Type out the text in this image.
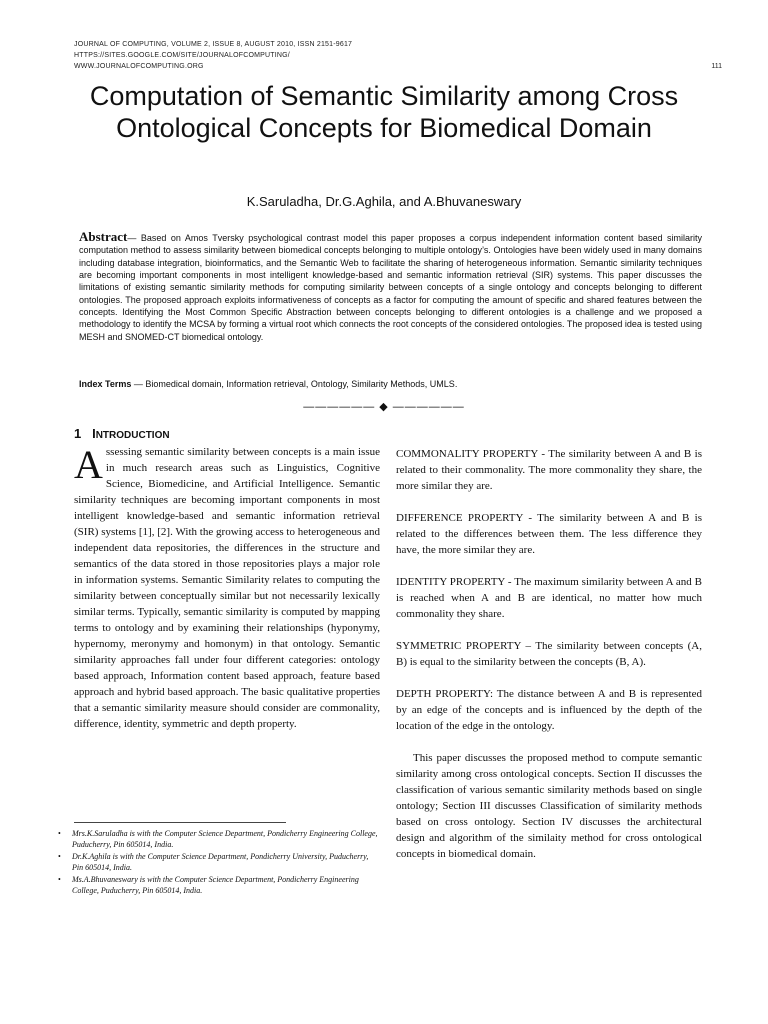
JOURNAL OF COMPUTING, VOLUME 2, ISSUE 8, AUGUST 2010, ISSN 2151-9617
HTTPS://SITES.GOOGLE.COM/SITE/JOURNALOFCOMPUTING/
WWW.JOURNALOFCOMPUTING.ORG	111
Computation of Semantic Similarity among Cross Ontological Concepts for Biomedical Domain
K.Saruladha, Dr.G.Aghila, and A.Bhuvaneswary
Abstract— Based on Amos Tversky psychological contrast model this paper proposes a corpus independent information content based similarity computation method to assess similarity between biomedical concepts belonging to multiple ontology’s. Ontologies have been widely used in many domains including database integration, bioinformatics, and the Semantic Web to facilitate the sharing of heterogeneous information. Semantic similarity techniques are becoming important components in most intelligent knowledge-based and semantic information retrieval (SIR) systems. This paper discusses the limitations of existing semantic similarity methods for computing similarity between concepts of a single ontology and concepts belonging to different ontologies. The proposed approach exploits informativeness of concepts as a factor for computing the amount of specific and shared features between the concepts. Identifying the Most Common Specific Abstraction between concepts belonging to different ontologies is a challenge and we proposed a methodology to identify the MCSA by forming a virtual root which connects the root concepts of the considered ontologies. The proposed idea is tested using MESH and SNOMED-CT biomedical ontology.
Index Terms — Biomedical domain, Information retrieval, Ontology, Similarity Methods, UMLS.
—————— ◆ ——————
1 INTRODUCTION

Assessing semantic similarity between concepts is a main issue in much research areas such as Linguistics, Cognitive Science, Biomedicine, and Artificial Intelligence. Semantic similarity techniques are becoming important components in most intelligent knowledge-based and semantic information retrieval (SIR) systems [1], [2]. With the growing access to heterogeneous and independent data repositories, the differences in the structure and semantics of the data stored in those repositories plays a major role in information systems. Semantic Similarity relates to computing the similarity between conceptually similar but not necessarily lexically similar terms. Typically, semantic similarity is computed by mapping terms to ontology and by examining their relationships (hyponymy, hypernomy, meronymy and homonym) in that ontology. Semantic similarity approaches fall under four different categories: ontology based approach, Information content based approach, feature based approach and hybrid based approach. The basic qualitative properties that a semantic similarity measure should consider are commonality, difference, identity, symmetric and depth property.

COMMONALITY PROPERTY - The similarity between A and B is related to their commonality. The more commonality they share, the more similar they are.

DIFFERENCE PROPERTY - The similarity between A and B is related to the differences between them. The less difference they have, the more similar they are.

IDENTITY PROPERTY - The maximum similarity between A and B is reached when A and B are identical, no matter how much commonality they share.

SYMMETRIC PROPERTY – The similarity between concepts (A, B) is equal to the similarity between the concepts (B, A).

DEPTH PROPERTY: The distance between A and B is represented by an edge of the concepts and is influenced by the depth of the location of the edge in the ontology.

This paper discusses the proposed method to compute semantic similarity among cross ontological concepts. Section II discusses the classification of various semantic similarity methods based on single ontology; Section III discusses Classification of similarity methods based on cross ontology. Section IV discusses the architectural design and algorithm of the similaity method for cross ontological concepts in biomedical domain.

• Mrs.K.Saruladha is with the Computer Science Department, Pondicherry Engineering College, Puducherry, Pin 605014, India.
• Dr.K.Aghila is with the Computer Science Department, Pondicherry University, Puducherry, Pin 605014, India.
• Ms.A.Bhuvaneswary is with the Computer Science Department, Pondicherry Engineering College, Puducherry, Pin 605014, India.
